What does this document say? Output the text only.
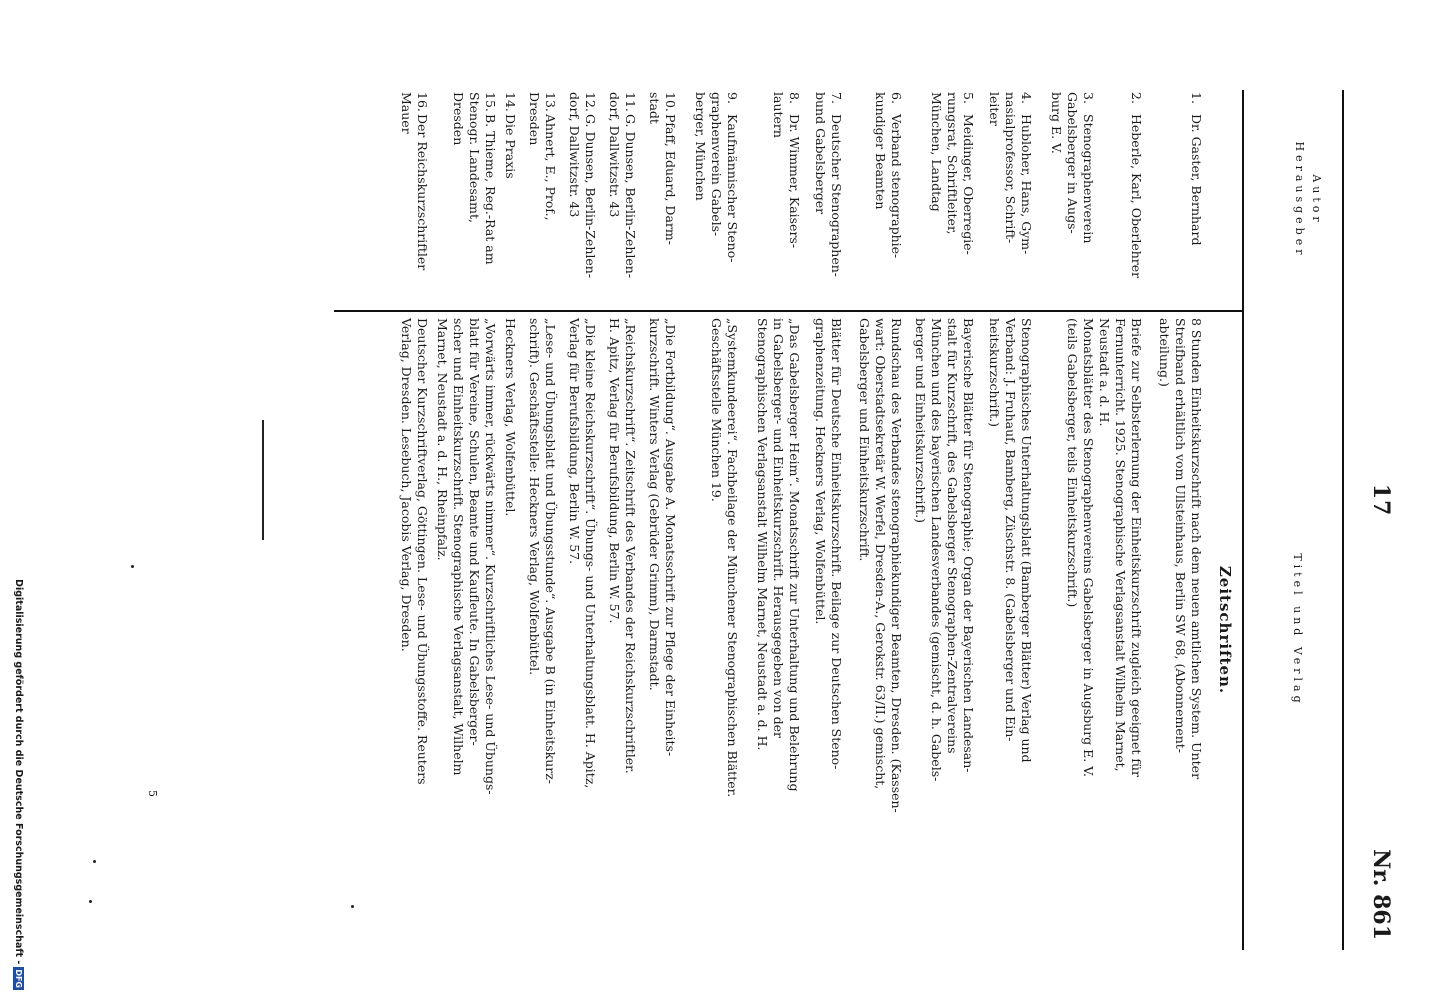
17
Nr. 861
Autor
Herausgeber
Titel und Verlag
Zeitschriften.
1.Dr. Gaster, Bernhard
2.Heberle, Karl, Oberlehrer
3.Stenographenverein
Gabelsberger in Augs-
burg E. V.
4.Hubloher, Hans, Gym-
nasialprofessor, Schrift-
leiter
5.Meidinger, Oberregie-
rungsrat, Schriftleiter,
München, Landtag
6.Verband stenographie-
kundiger Beamten
7.Deutscher Stenographen-
bund Gabelsberger
8.Dr. Wimmer, Kaisers-
lautern
9.Kaufmännischer Steno-
graphenverein Gabels-
berger, München
10.Pfaff, Eduard, Darm-
stadt
11.G. Dunsen, Berlin-Zehlen-
dorf, Dallwitzstr. 43
12.G. Dunsen, Berlin-Zehlen-
dorf, Dallwitzstr. 43
13.Ahnert, E., Prof.,
Dresden
14.Die Praxis
15.B. Thieme, Reg.-Rat am
Stenogr. Landesamt,
Dresden
16.Der Reichskurzschriftler
Mauer
8 Stunden Einheitskurzschrift nach dem neuen amtlichen System. Unter
Streifband erhältlich vom Ullsteinhaus, Berlin SW 68, (Abonnement-
abteilung.)
Briefe zur Selbsterlernung der Einheitskurzschrift zugleich geeignet für
Fernunterricht. 1925. Stenographische Verlagsanstalt Wilhelm Marnet,
Neustadt a. d. H.
Monatsblätter des Stenographenvereins Gabelsberger in Augsburg E. V.
(teils Gabelsberger, teils Einheitskurzschrift.)
Stenographisches Unterhaltungsblatt (Bamberger Blätter) Verlag und
Verband: J. Fruhauf, Bamberg, Züschstr. 8. (Gabelsberger und Ein-
heitskurzschrift.)
Bayerische Blätter für Stenographie; Organ der Bayerischen Landesan-
stalt für Kurzschrift, des Gabelsberger Stenographen-Zentralvereins
München und des bayerischen Landesverbandes (gemischt, d. h. Gabels-
berger und Einheitskurzschrift.)
Rundschau des Verbandes stenographiekundiger Beamten, Dresden. (Kassen-
wart: Oberstadtsekretär W. Werfel, Dresden-A., Gerokstr. 63/II.) gemischt,
Gabelsberger und Einheitskurzschrift.
Blätter für Deutsche Einheitskurzschrift. Beilage zur Deutschen Steno-
graphenzeitung. Heckners Verlag, Wolfenbüttel.
„Das Gabelsberger Heim“. Monatsschrift zur Unterhaltung und Belehrung
in Gabelsberger- und Einheitskurzschrift. Herausgegeben von der
Stenographischen Verlagsanstalt Wilhelm Marnet, Neustadt a. d. H.
„Systemkundeerei“. Fachbeilage der Münchener Stenographischen Blätter.
Geschäftsstelle München 19.
„Die Fortbildung“. Ausgabe A. Monatsschrift zur Pflege der Einheits-
kurzschrift. Winters Verlag (Gebrüder Grimm), Darmstadt.
„Reichskurzschrift“. Zeitschrift des Verbandes der Reichskurzschriftler.
H. Apitz, Verlag für Berufsbildung, Berlin W. 57.
„Die kleine Reichskurzschrift“. Übungs- und Unterhaltungsblatt. H. Apitz,
Verlag für Berufsbildung, Berlin W. 57.
„Lese- und Übungsblatt und Übungsstunde“. Ausgabe B (in Einheitskurz-
schrift). Geschäftsstelle: Heckners Verlag, Wolfenbüttel.
Heckners Verlag, Wolfenbüttel.
„Vorwärts immer, rückwärts nimmer“. Kurzschriftliches Lese- und Übungs-
blatt für Vereine, Schulen, Beamte und Kaufleute. In Gabelsberger-
scher und Einheitskurzschrift. Stenographische Verlagsanstalt, Wilhelm
Marnet, Neustadt a. d. H., Rheinpfalz.
Deutscher Kurzschriftverlag, Göttingen. Lese- und Übungsstoffe. Reuters
Verlag, Dresden. Lesebuch, Jacobis Verlag, Dresden.
5
Digitalisierung gefördert durch die Deutsche Forschungsgemeinschaft -DFG
